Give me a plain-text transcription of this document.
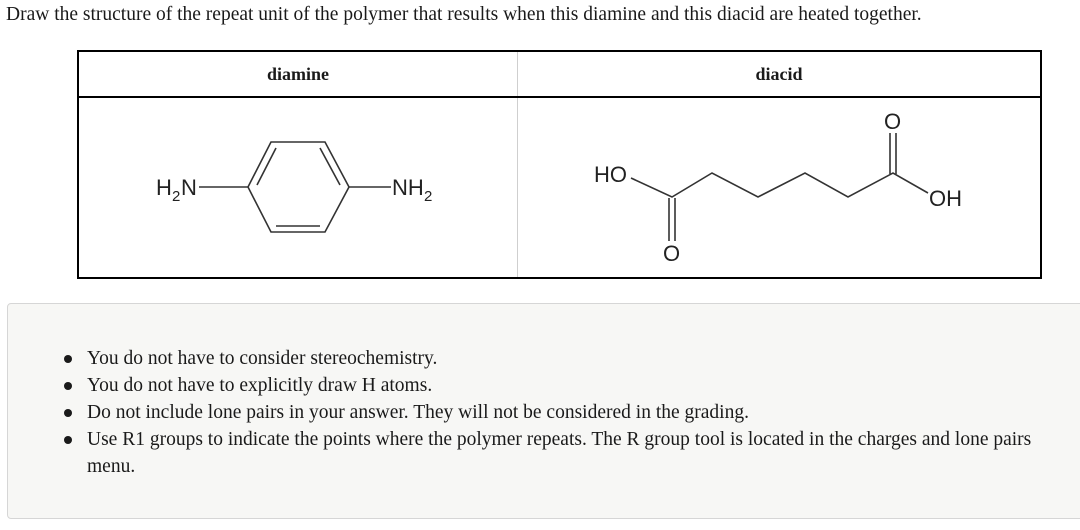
Draw the structure of the repeat unit of the polymer that results when this diamine and this diacid are heated together.
diamine	diacid
H 2 N	NH 2
HO
O
O
OH
You do not have to consider stereochemistry.
You do not have to explicitly draw H atoms.
Do not include lone pairs in your answer. They will not be considered in the grading.
Use R1 groups to indicate the points where the polymer repeats. The R group tool is located in the charges and lone pairs menu.
